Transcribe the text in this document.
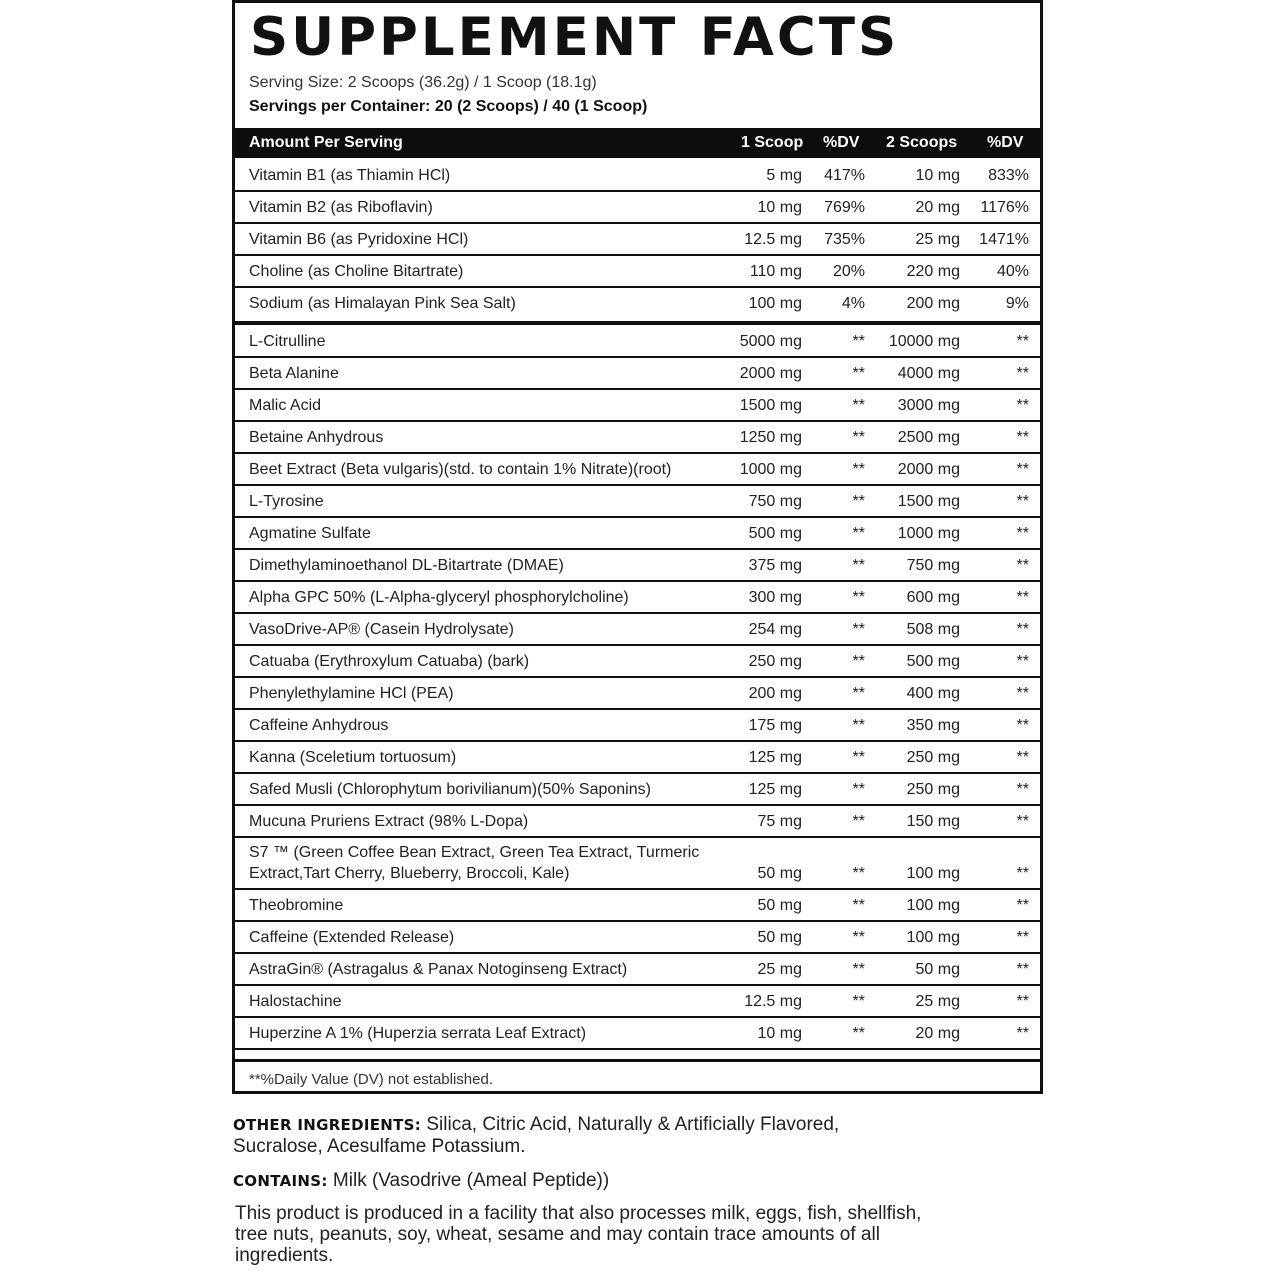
SUPPLEMENT FACTS
Serving Size: 2 Scoops (36.2g) / 1 Scoop (18.1g)
Servings per Container: 20 (2 Scoops) / 40 (1 Scoop)
Amount Per Serving	1 Scoop %DV 2 Scoops %DV
Vitamin B1 (as Thiamin HCl)	5 mg 417%	10 mg 833%
Vitamin B2 (as Riboflavin)	10 mg 769%	20 mg 1176%
Vitamin B6 (as Pyridoxine HCl)	12.5 mg 735%	25 mg 1471%
Choline (as Choline Bitartrate)	110 mg 20%	220 mg 40%
Sodium (as Himalayan Pink Sea Salt)	100 mg 4%	200 mg	9%
L-Citrulline	5000 mg	** 10000 mg	**
Beta Alanine	2000 mg	** 4000 mg	**
Malic Acid	1500 mg	** 3000 mg	**
Betaine Anhydrous	1250 mg	** 2500 mg	**
Beet Extract (Beta vulgaris)(std. to contain 1% Nitrate)(root)	1000 mg	** 2000 mg	**
L-Tyrosine	750 mg	** 1500 mg	**
Agmatine Sulfate	500 mg	** 1000 mg	**
Dimethylaminoethanol DL-Bitartrate (DMAE)	375 mg	**	750 mg	**
Alpha GPC 50% (L-Alpha-glyceryl phosphorylcholine)	300 mg	**	600 mg	**
VasoDrive-AP® (Casein Hydrolysate)	254 mg	**	508 mg	**
Catuaba (Erythroxylum Catuaba) (bark)	250 mg	**	500 mg	**
Phenylethylamine HCl (PEA)	200 mg	**	400 mg	**
Caffeine Anhydrous	175 mg	**	350 mg	**
Kanna (Sceletium tortuosum)	125 mg	**	250 mg	**
Safed Musli (Chlorophytum borivilianum)(50% Saponins)	125 mg	**	250 mg	**
Mucuna Pruriens Extract (98% L-Dopa)	75 mg	**	150 mg	**
S7 ™ (Green Coffee Bean Extract, Green Tea Extract, Turmeric Extract,Tart Cherry, Blueberry, Broccoli, Kale)	50 mg	**	100 mg	**
Theobromine	50 mg	**	100 mg	**
Caffeine (Extended Release)	50 mg	**	100 mg	**
AstraGin® (Astragalus & Panax Notoginseng Extract)	25 mg	**	50 mg	**
Halostachine	12.5 mg	**	25 mg	**
Huperzine A 1% (Huperzia serrata Leaf Extract)	10 mg	**	20 mg	**
**%Daily Value (DV) not established.
OTHER INGREDIENTS: Silica, Citric Acid, Naturally & Artificially Flavored, Sucralose, Acesulfame Potassium.
CONTAINS: Milk (Vasodrive (Ameal Peptide))
This product is produced in a facility that also processes milk, eggs, fish, shellfish, tree nuts, peanuts, soy, wheat, sesame and may contain trace amounts of all ingredients.
